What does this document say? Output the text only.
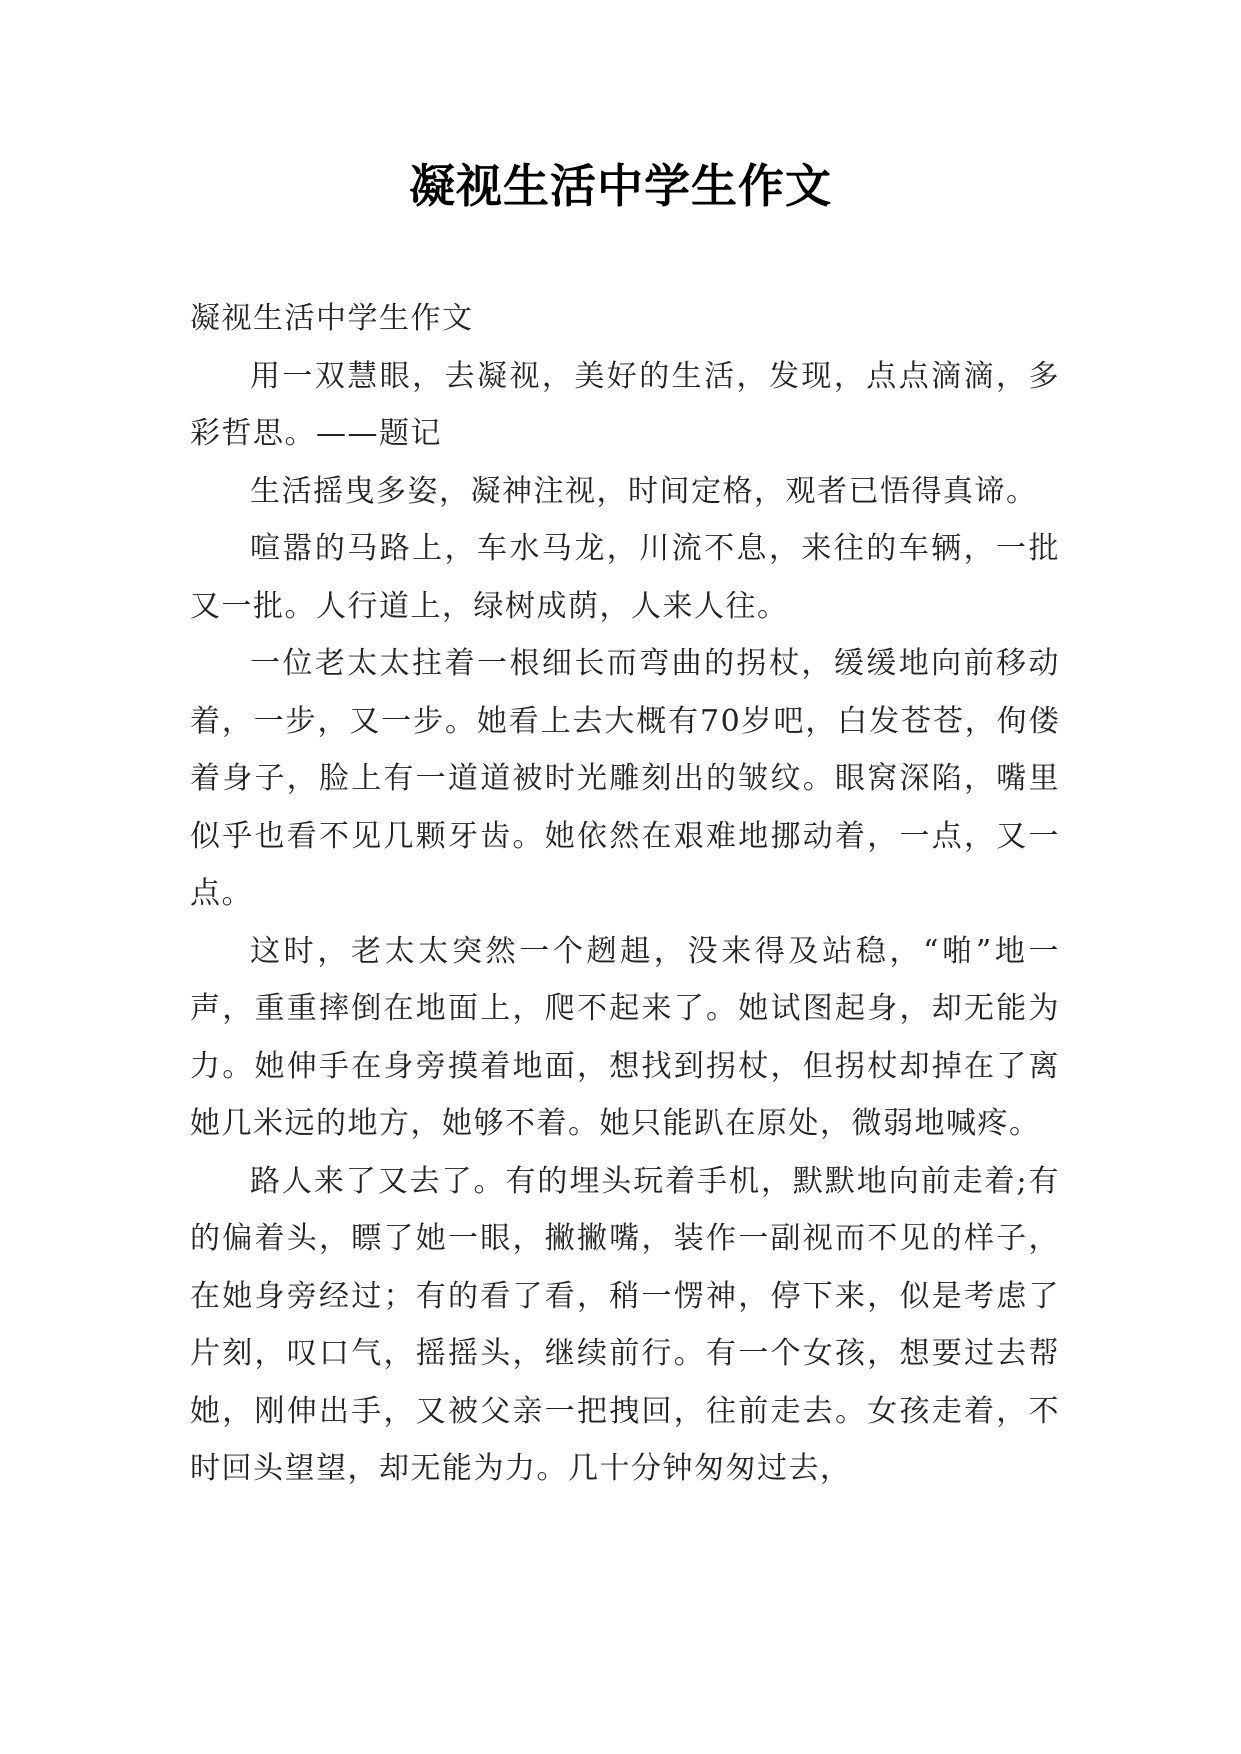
凝视生活中学生作文

凝视生活中学生作文

用一双慧眼，去凝视，美好的生活，发现，点点滴滴，多彩哲思。——题记

生活摇曳多姿，凝神注视，时间定格，观者已悟得真谛。

喧嚣的马路上，车水马龙，川流不息，来往的车辆，一批又一批。人行道上，绿树成荫，人来人往。

一位老太太拄着一根细长而弯曲的拐杖，缓缓地向前移动着，一步，又一步。她看上去大概有70岁吧，白发苍苍，佝偻着身子，脸上有一道道被时光雕刻出的皱纹。眼窝深陷，嘴里似乎也看不见几颗牙齿。她依然在艰难地挪动着，一点，又一点。

这时，老太太突然一个趔趄，没来得及站稳，“啪”地一声，重重摔倒在地面上，爬不起来了。她试图起身，却无能为力。她伸手在身旁摸着地面，想找到拐杖，但拐杖却掉在了离她几米远的地方，她够不着。她只能趴在原处，微弱地喊疼。

路人来了又去了。有的埋头玩着手机，默默地向前走着;有的偏着头，瞟了她一眼，撇撇嘴，装作一副视而不见的样子，在她身旁经过；有的看了看，稍一愣神，停下来，似是考虑了片刻，叹口气，摇摇头，继续前行。有一个女孩，想要过去帮她，刚伸出手，又被父亲一把拽回，往前走去。女孩走着，不时回头望望，却无能为力。几十分钟匆匆过去，
